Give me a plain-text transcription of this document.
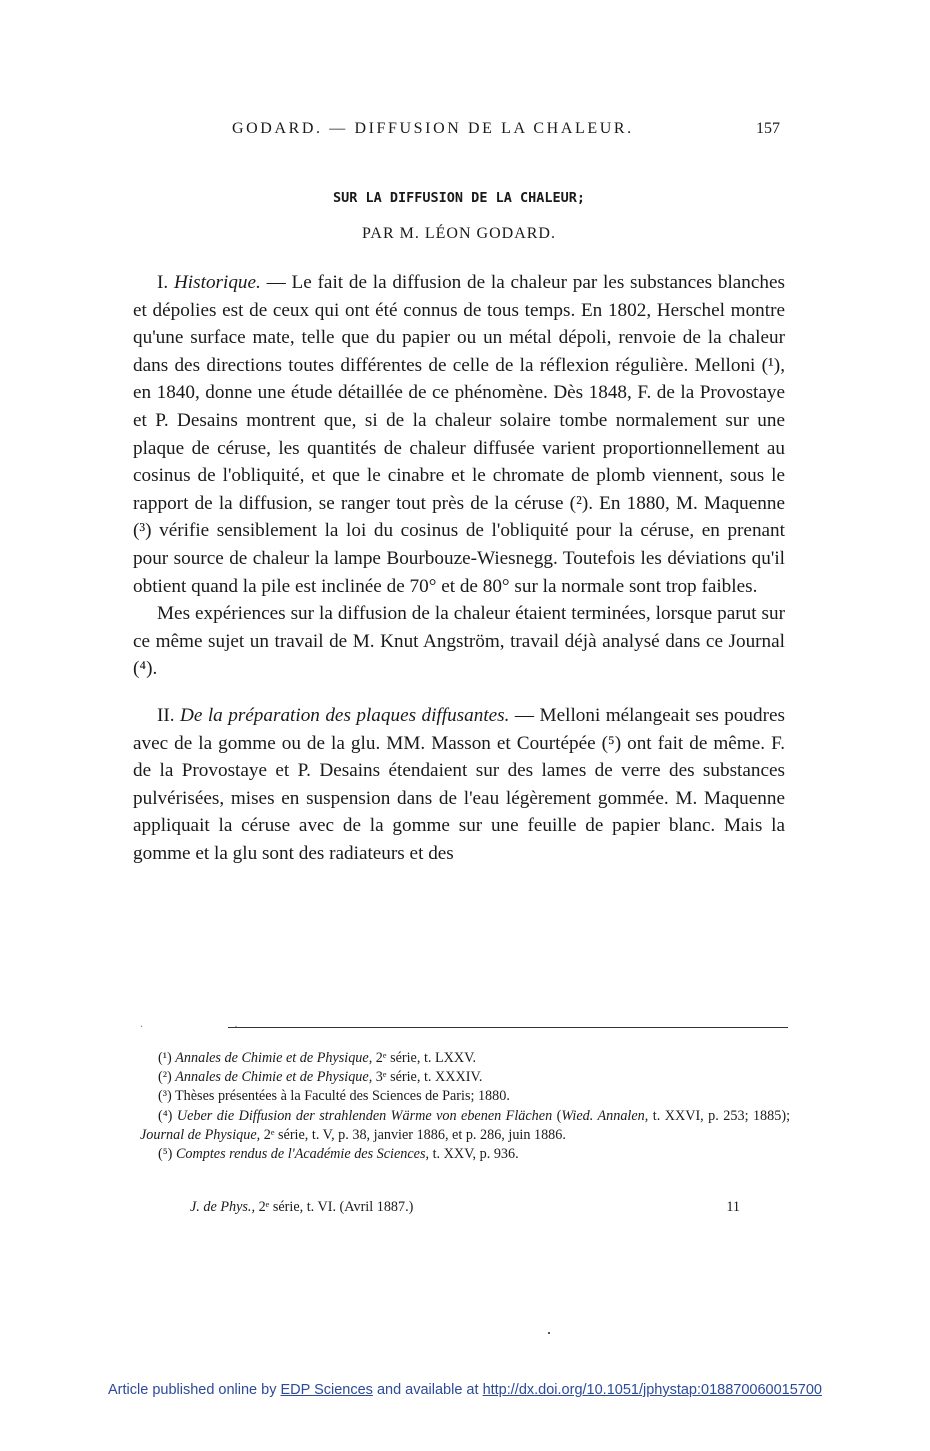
GODARD. — DIFFUSION DE LA CHALEUR.	157
SUR LA DIFFUSION DE LA CHALEUR;
PAR M. LÉON GODARD.

I. Historique. — Le fait de la diffusion de la chaleur par les substances blanches et dépolies est de ceux qui ont été connus de tous temps. En 1802, Herschel montre qu'une surface mate, telle que du papier ou un métal dépoli, renvoie de la chaleur dans des directions toutes différentes de celle de la réflexion régulière. Melloni (¹), en 1840, donne une étude détaillée de ce phénomène. Dès 1848, F. de la Provostaye et P. Desains montrent que, si de la chaleur solaire tombe normalement sur une plaque de céruse, les quantités de chaleur diffusée varient proportionnellement au cosinus de l'obliquité, et que le cinabre et le chromate de plomb viennent, sous le rapport de la diffusion, se ranger tout près de la céruse (²). En 1880, M. Maquenne (³) vérifie sensiblement la loi du cosinus de l'obliquité pour la céruse, en prenant pour source de chaleur la lampe Bourbouze-Wiesnegg. Toutefois les déviations qu'il obtient quand la pile est inclinée de 70° et de 80° sur la normale sont trop faibles.

Mes expériences sur la diffusion de la chaleur étaient terminées, lorsque parut sur ce même sujet un travail de M. Knut Angström, travail déjà analysé dans ce Journal (⁴).

II. De la préparation des plaques diffusantes. — Melloni mélangeait ses poudres avec de la gomme ou de la glu. MM. Masson et Courtépée (⁵) ont fait de même. F. de la Provostaye et P. Desains étendaient sur des lames de verre des substances pulvérisées, mises en suspension dans de l'eau légèrement gommée. M. Maquenne appliquait la céruse avec de la gomme sur une feuille de papier blanc. Mais la gomme et la glu sont des radiateurs et des

· ·

(¹) Annales de Chimie et de Physique, 2ᵉ série, t. LXXV.

(²) Annales de Chimie et de Physique, 3ᵉ série, t. XXXIV.

(³) Thèses présentées à la Faculté des Sciences de Paris; 1880.

(⁴) Ueber die Diffusion der strahlenden Wärme von ebenen Flächen (Wied. Annalen, t. XXVI, p. 253; 1885); Journal de Physique, 2ᵉ série, t. V, p. 38, janvier 1886, et p. 286, juin 1886.

(⁵) Comptes rendus de l'Académie des Sciences, t. XXV, p. 936.

J. de Phys., 2ᵉ série, t. VI. (Avril 1887.)	11
Article published online by EDP Sciences and available at http://dx.doi.org/10.1051/jphystap:018870060015700
